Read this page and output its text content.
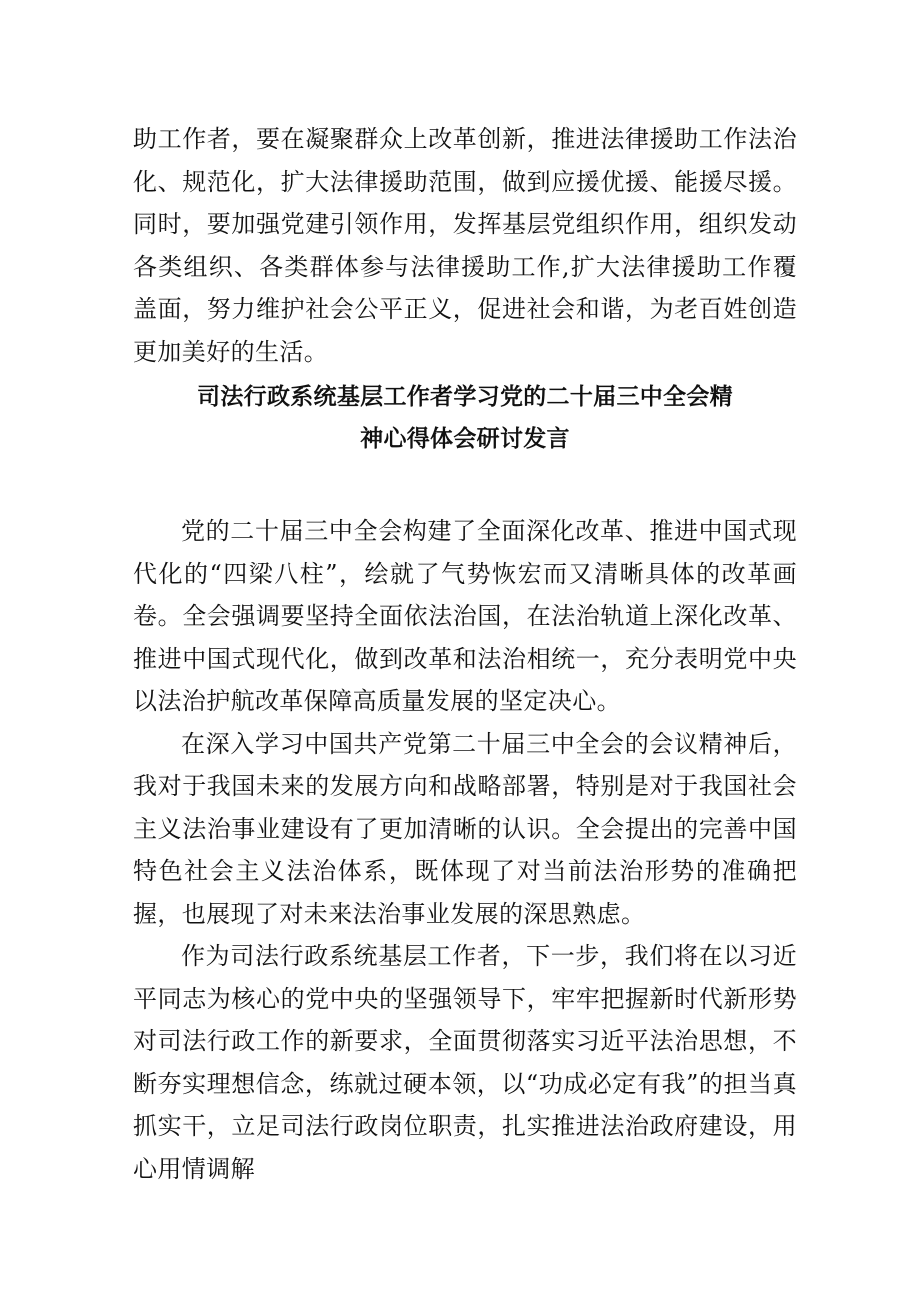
助工作者，要在凝聚群众上改革创新，推进法律援助工作法治化、规范化，扩大法律援助范围，做到应援优援、能援尽援。同时，要加强党建引领作用，发挥基层党组织作用，组织发动各类组织、各类群体参与法律援助工作,扩大法律援助工作覆盖面，努力维护社会公平正义，促进社会和谐，为老百姓创造更加美好的生活。

司法行政系统基层工作者学习党的二十届三中全会精
神心得体会研讨发言

党的二十届三中全会构建了全面深化改革、推进中国式现代化的“四梁八柱”，绘就了气势恢宏而又清晰具体的改革画卷。全会强调要坚持全面依法治国，在法治轨道上深化改革、推进中国式现代化，做到改革和法治相统一，充分表明党中央以法治护航改革保障高质量发展的坚定决心。

在深入学习中国共产党第二十届三中全会的会议精神后，我对于我国未来的发展方向和战略部署，特别是对于我国社会主义法治事业建设有了更加清晰的认识。全会提出的完善中国特色社会主义法治体系，既体现了对当前法治形势的准确把握，也展现了对未来法治事业发展的深思熟虑。

作为司法行政系统基层工作者，下一步，我们将在以习近平同志为核心的党中央的坚强领导下，牢牢把握新时代新形势对司法行政工作的新要求，全面贯彻落实习近平法治思想，不断夯实理想信念，练就过硬本领，以“功成必定有我”的担当真抓实干，立足司法行政岗位职责，扎实推进法治政府建设，用心用情调解
